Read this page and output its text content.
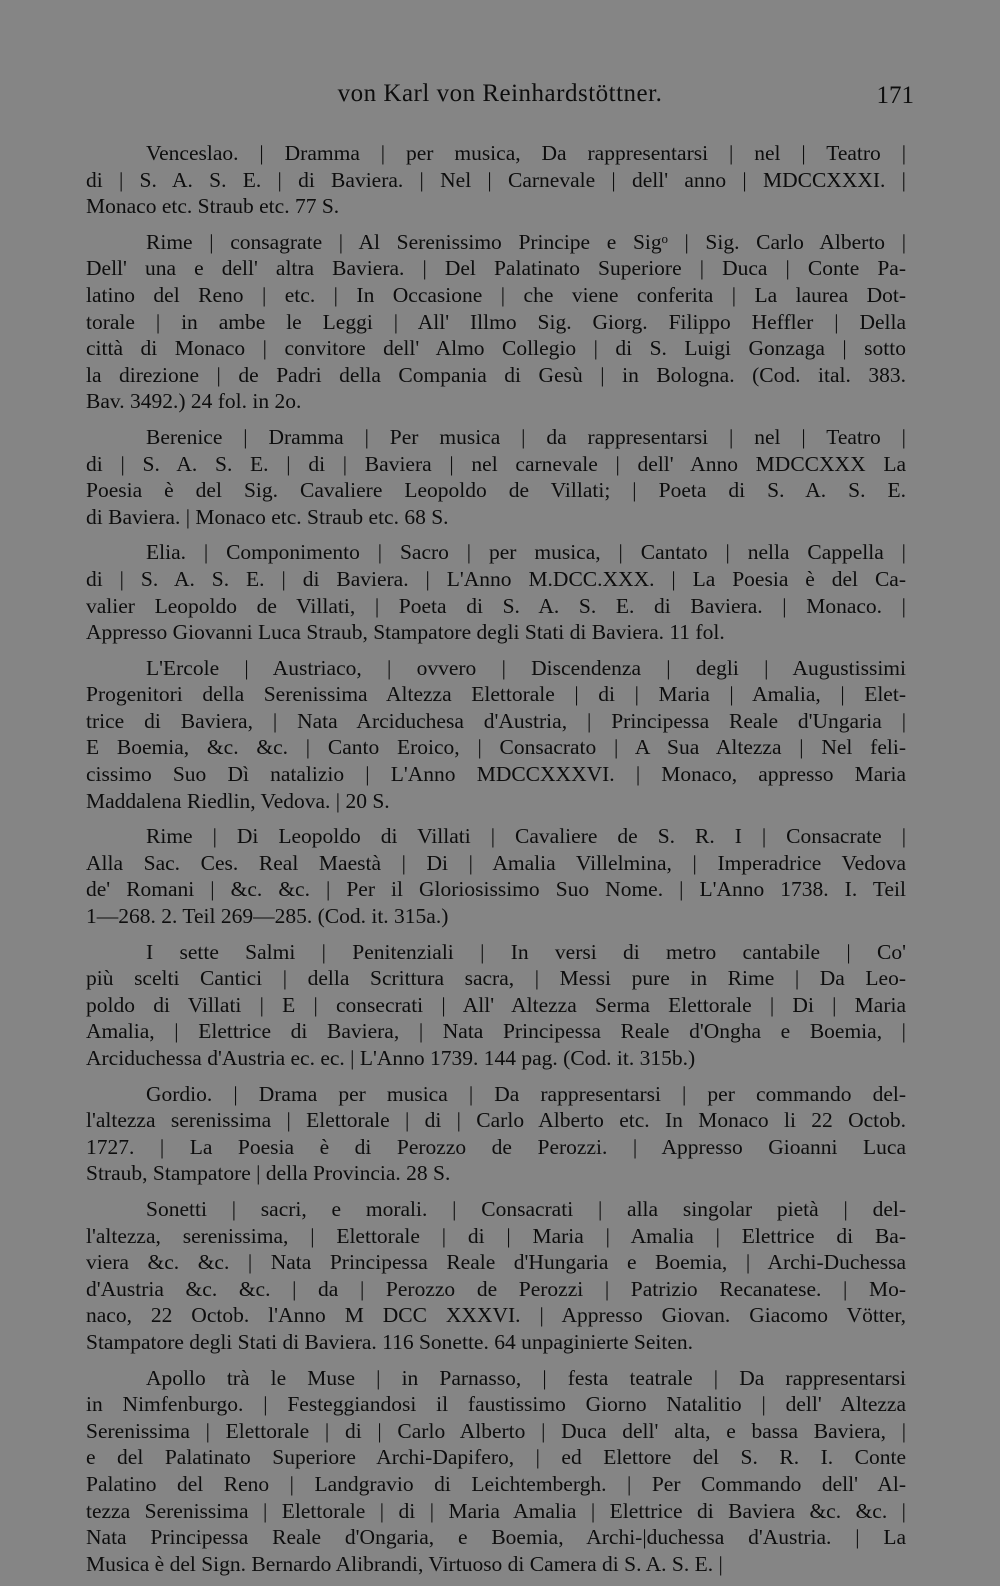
von Karl von Reinhardstöttner.	171
Venceslao. | Dramma | per musica, Da rappresentarsi | nel | Teatro |
di | S. A. S. E. | di Baviera. | Nel | Carnevale | dell' anno | MDCCXXXI. |
Monaco etc. Straub etc. 77 S.
Rime | consagrate | Al Serenissimo Principe e Sigᵒ | Sig. Carlo Alberto |
Dell' una e dell' altra Baviera. | Del Palatinato Superiore | Duca | Conte Pa-
latino del Reno | etc. | In Occasione | che viene conferita | La laurea Dot-
torale | in ambe le Leggi | All' Illmo Sig. Giorg. Filippo Heffler | Della
città di Monaco | convitore dell' Almo Collegio | di S. Luigi Gonzaga | sotto
la direzione | de Padri della Compania di Gesù | in Bologna. (Cod. ital. 383.
Bav. 3492.) 24 fol. in 2o.
Berenice | Dramma | Per musica | da rappresentarsi | nel | Teatro |
di | S. A. S. E. | di | Baviera | nel carnevale | dell' Anno MDCCXXX La
Poesia è del Sig. Cavaliere Leopoldo de Villati; | Poeta di S. A. S. E.
di Baviera. | Monaco etc. Straub etc. 68 S.
Elia. | Componimento | Sacro | per musica, | Cantato | nella Cappella |
di | S. A. S. E. | di Baviera. | L'Anno M.DCC.XXX. | La Poesia è del Ca-
valier Leopoldo de Villati, | Poeta di S. A. S. E. di Baviera. | Monaco. |
Appresso Giovanni Luca Straub, Stampatore degli Stati di Baviera. 11 fol.
L'Ercole | Austriaco, | ovvero | Discendenza | degli | Augustissimi
Progenitori della Serenissima Altezza Elettorale | di | Maria | Amalia, | Elet-
trice di Baviera, | Nata Arciduchesa d'Austria, | Principessa Reale d'Ungaria |
E Boemia, &c. &c. | Canto Eroico, | Consacrato | A Sua Altezza | Nel feli-
cissimo Suo Dì natalizio | L'Anno MDCCXXXVI. | Monaco, appresso Maria
Maddalena Riedlin, Vedova. | 20 S.
Rime | Di Leopoldo di Villati | Cavaliere de S. R. I | Consacrate |
Alla Sac. Ces. Real Maestà | Di | Amalia Villelmina, | Imperadrice Vedova
de' Romani | &c. &c. | Per il Gloriosissimo Suo Nome. | L'Anno 1738. I. Teil
1—268. 2. Teil 269—285. (Cod. it. 315a.)
I sette Salmi | Penitenziali | In versi di metro cantabile | Co'
più scelti Cantici | della Scrittura sacra, | Messi pure in Rime | Da Leo-
poldo di Villati | E | consecrati | All' Altezza Serma Elettorale | Di | Maria
Amalia, | Elettrice di Baviera, | Nata Principessa Reale d'Ongha e Boemia, |
Arciduchessa d'Austria ec. ec. | L'Anno 1739. 144 pag. (Cod. it. 315b.)
Gordio. | Drama per musica | Da rappresentarsi | per commando del-
l'altezza serenissima | Elettorale | di | Carlo Alberto etc. In Monaco li 22 Octob.
1727. | La Poesia è di Perozzo de Perozzi. | Appresso Gioanni Luca
Straub, Stampatore | della Provincia. 28 S.
Sonetti | sacri, e morali. | Consacrati | alla singolar pietà | del-
l'altezza, serenissima, | Elettorale | di | Maria | Amalia | Elettrice di Ba-
viera &c. &c. | Nata Principessa Reale d'Hungaria e Boemia, | Archi-Duchessa
d'Austria &c. &c. | da | Perozzo de Perozzi | Patrizio Recanatese. | Mo-
naco, 22 Octob. l'Anno M DCC XXXVI. | Appresso Giovan. Giacomo Vötter,
Stampatore degli Stati di Baviera. 116 Sonette. 64 unpaginierte Seiten.
Apollo trà le Muse | in Parnasso, | festa teatrale | Da rappresentarsi
in Nimfenburgo. | Festeggiandosi il faustissimo Giorno Natalitio | dell' Altezza
Serenissima | Elettorale | di | Carlo Alberto | Duca dell' alta, e bassa Baviera, |
e del Palatinato Superiore Archi-Dapifero, | ed Elettore del S. R. I. Conte
Palatino del Reno | Landgravio di Leichtembergh. | Per Commando dell' Al-
tezza Serenissima | Elettorale | di | Maria Amalia | Elettrice di Baviera &c. &c. |
Nata Principessa Reale d'Ongaria, e Boemia, Archi-|duchessa d'Austria. | La
Musica è del Sign. Bernardo Alibrandi, Virtuoso di Camera di S. A. S. E. |
